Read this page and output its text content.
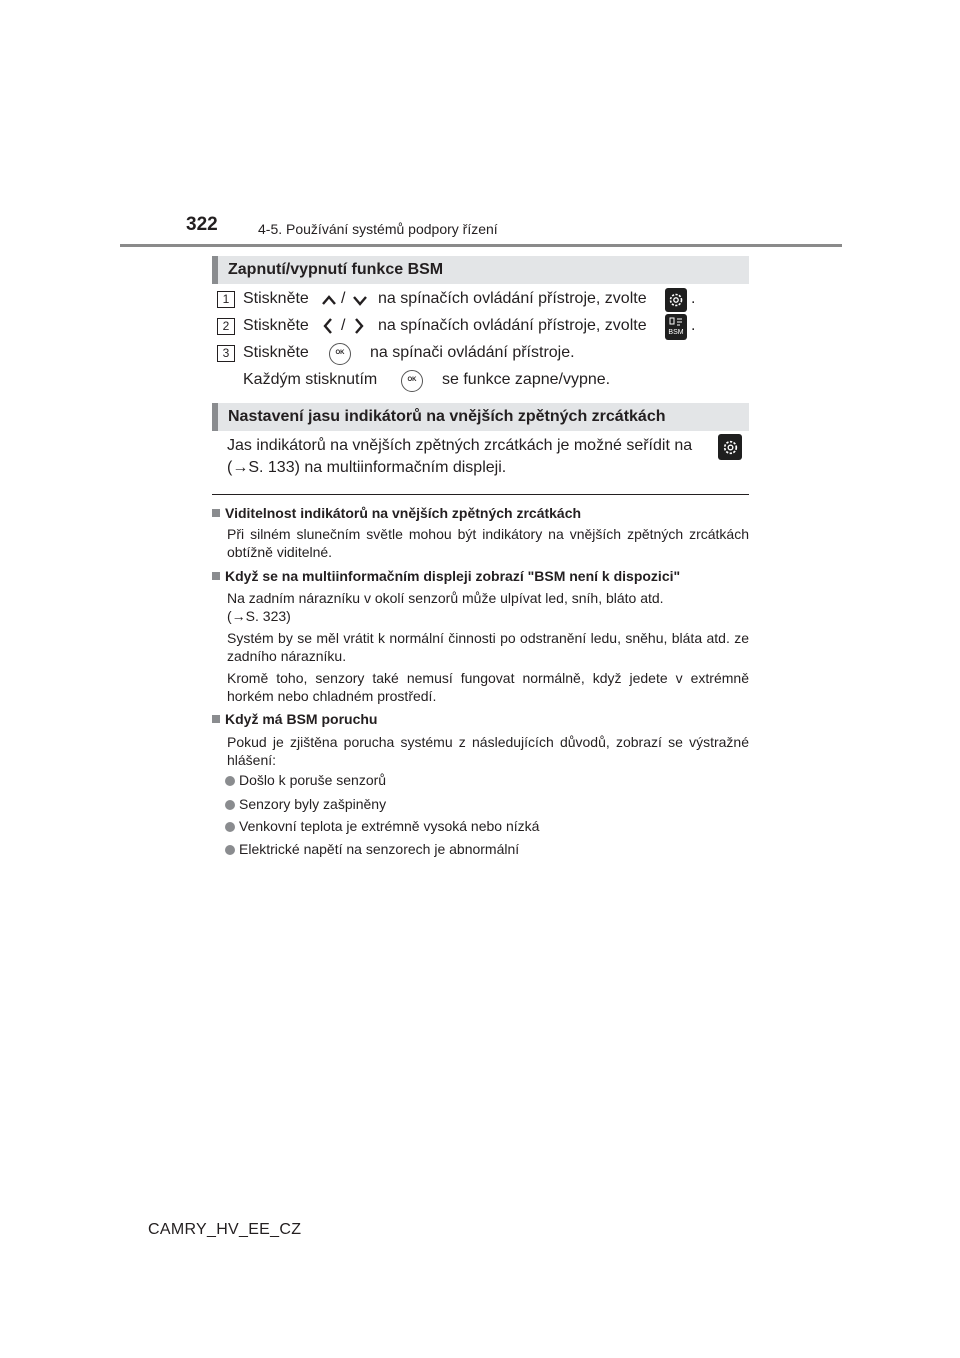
322	4-5. Používání systémů podpory řízení
Zapnutí/vypnutí funkce BSM
1 Stiskněte / na spínačích ovládání přístroje, zvolte	.
2 Stiskněte / na spínačích ovládání přístroje, zvolte	BSM .
3 Stiskněte	OK	na spínači ovládání přístroje.
Každým stisknutím	OK	se funkce zapne/vypne.
Nastavení jasu indikátorů na vnějších zpětných zrcátkách
Jas indikátorů na vnějších zpětných zrcátkách je možné seřídit na
(→S. 133) na multiinformačním displeji.
Viditelnost indikátorů na vnějších zpětných zrcátkách
Při silném slunečním světle mohou být indikátory na vnějších zpětných zrcátkách obtížně viditelné.
Když se na multiinformačním displeji zobrazí "BSM není k dispozici"
Na zadním nárazníku v okolí senzorů může ulpívat led, sníh, bláto atd.
(→S. 323)
Systém by se měl vrátit k normální činnosti po odstranění ledu, sněhu, bláta atd. ze zadního nárazníku.
Kromě toho, senzory také nemusí fungovat normálně, když jedete v extrémně horkém nebo chladném prostředí.
Když má BSM poruchu
Pokud je zjištěna porucha systému z následujících důvodů, zobrazí se výstražné hlášení:
Došlo k poruše senzorů
Senzory byly zašpiněny
Venkovní teplota je extrémně vysoká nebo nízká
Elektrické napětí na senzorech je abnormální
CAMRY_HV_EE_CZ
